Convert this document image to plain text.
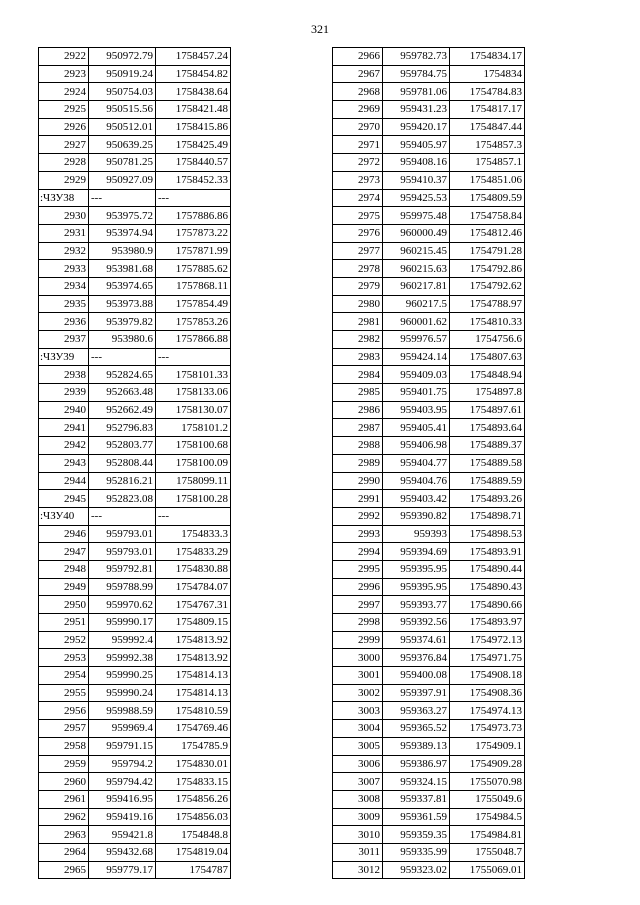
321
2922	950972.79	1758457.24
2923	950919.24	1758454.82
2924	950754.03	1758438.64
2925	950515.56	1758421.48
2926	950512.01	1758415.86
2927	950639.25	1758425.49
2928	950781.25	1758440.57
2929	950927.09	1758452.33
:ЧЗУ38	---	---
2930	953975.72	1757886.86
2931	953974.94	1757873.22
2932	953980.9	1757871.99
2933	953981.68	1757885.62
2934	953974.65	1757868.11
2935	953973.88	1757854.49
2936	953979.82	1757853.26
2937	953980.6	1757866.88
:ЧЗУ39	---	---
2938	952824.65	1758101.33
2939	952663.48	1758133.06
2940	952662.49	1758130.07
2941	952796.83	1758101.2
2942	952803.77	1758100.68
2943	952808.44	1758100.09
2944	952816.21	1758099.11
2945	952823.08	1758100.28
:ЧЗУ40	---	---
2946	959793.01	1754833.3
2947	959793.01	1754833.29
2948	959792.81	1754830.88
2949	959788.99	1754784.07
2950	959970.62	1754767.31
2951	959990.17	1754809.15
2952	959992.4	1754813.92
2953	959992.38	1754813.92
2954	959990.25	1754814.13
2955	959990.24	1754814.13
2956	959988.59	1754810.59
2957	959969.4	1754769.46
2958	959791.15	1754785.9
2959	959794.2	1754830.01
2960	959794.42	1754833.15
2961	959416.95	1754856.26
2962	959419.16	1754856.03
2963	959421.8	1754848.8
2964	959432.68	1754819.04
2965	959779.17	1754787
2966	959782.73	1754834.17
2967	959784.75	1754834
2968	959781.06	1754784.83
2969	959431.23	1754817.17
2970	959420.17	1754847.44
2971	959405.97	1754857.3
2972	959408.16	1754857.1
2973	959410.37	1754851.06
2974	959425.53	1754809.59
2975	959975.48	1754758.84
2976	960000.49	1754812.46
2977	960215.45	1754791.28
2978	960215.63	1754792.86
2979	960217.81	1754792.62
2980	960217.5	1754788.97
2981	960001.62	1754810.33
2982	959976.57	1754756.6
2983	959424.14	1754807.63
2984	959409.03	1754848.94
2985	959401.75	1754897.8
2986	959403.95	1754897.61
2987	959405.41	1754893.64
2988	959406.98	1754889.37
2989	959404.77	1754889.58
2990	959404.76	1754889.59
2991	959403.42	1754893.26
2992	959390.82	1754898.71
2993	959393	1754898.53
2994	959394.69	1754893.91
2995	959395.95	1754890.44
2996	959395.95	1754890.43
2997	959393.77	1754890.66
2998	959392.56	1754893.97
2999	959374.61	1754972.13
3000	959376.84	1754971.75
3001	959400.08	1754908.18
3002	959397.91	1754908.36
3003	959363.27	1754974.13
3004	959365.52	1754973.73
3005	959389.13	1754909.1
3006	959386.97	1754909.28
3007	959324.15	1755070.98
3008	959337.81	1755049.6
3009	959361.59	1754984.5
3010	959359.35	1754984.81
3011	959335.99	1755048.7
3012	959323.02	1755069.01
